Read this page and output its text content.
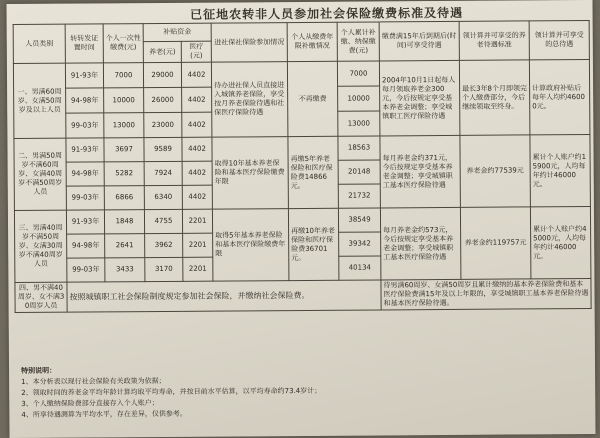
已征地农转非人员参加社会保险缴费标准及待遇
人员类别	转转发证置时间	个人一次性缴费(元)	补贴资金		进社保社保险参加情况	个人从缴费年限补缴情况	个人累计补缴、纳保缴费(元)	缴费满15年后到期后(时间)可享受待遇	领计算并可享受的养老待遇标准	领计算并可享受的总待遇
			养老(元)	医疗(元)						
一、男满60周岁、女满50周岁及以上人员	91-93年	7000	29000	4402	待办进社保人员直接进入城镇养老保险，享受按月养老保险待遇和社保医疗保险待遇	不再缴费	7000	2004年10月1日起每人每月领取养老金300元，今后按规定享受基本养老金调整；享受城镇职工医疗保险待遇	最长3年8个月即领完个人缴费部分，今后继续领取至终身。	计算政府补贴后每年人均约46000元。
	94-98年	10000	26000	4402			10000			
	99-03年	13000	23000	4402			13000			
二、男满50周岁不满60周岁、女满40周岁不满50周岁人员	91-93年	3697	9589	4402	取得10年基本养老保险和基本医疗保险缴费年限	再缴5年养老保险和医疗保险费14866元。	18563	每月养老金约371元，今后按规定享受基本养老金调整；享受城镇职工基本医疗保险待遇	养老金约77539元	累计个人账户约15900元，人均每年约计46000元。
	94-98年	5282	7924	4402			20148			
	99-03年	6866	6340	4402			21732			
三、男满40周岁不满50周岁、女满30周岁不满40周岁人员	91-93年	1848	4755	2201	取得5年基本养老保险和基本医疗保险缴费年限	再缴10年养老保险和医疗保险费36701元。	38549	每月养老金约573元，今后按规定享受基本养老金调整；享受城镇职工基本医疗保险待遇	养老金约119757元	累计个人账户约45000元，人均每年约计46000元。
	94-98年	2641	3962	2201			39342			
	99-03年	3433	3170	2201			40134			
四、男不满40周岁、女不满30周岁人员	按照城镇职工社会保险制度规定参加社会保险，并缴纳社会保险费。							待男满60周岁、女满50周岁且累计缴纳的基本养老保险费和基本医疗保险费满15年及以上年限的，享受城镇职工基本养老保险待遇和基本医疗保险待遇。		
特别说明：
1、本分析表以现行社会保险有关政策为依据；
2、领取时间的养老金平均年龄计算均取平均寿命，并按目前水平估算，以平均寿命约73.4岁计；
3、个人缴纳保险费部分直接存入个人账户；
4、所享待遇测算为平均水平，存在差异，仅供参考。
